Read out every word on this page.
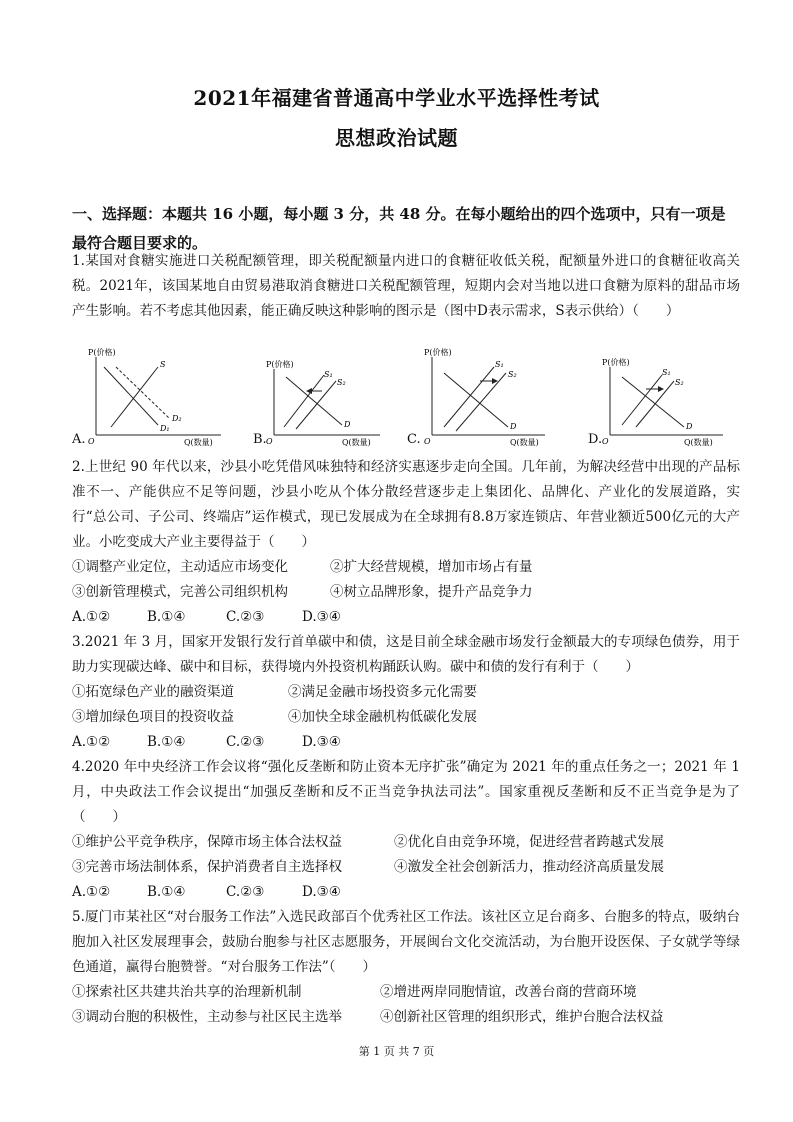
2021年福建省普通高中学业水平选择性考试
思想政治试题
一、选择题：本题共 16 小题，每小题 3 分，共 48 分。在每小题给出的四个选项中，只有一项是最符合题目要求的。
1.某国对食糖实施进口关税配额管理，即关税配额量内进口的食糖征收低关税，配额量外进口的食糖征收高关税。2021年，该国某地自由贸易港取消食糖进口关税配额管理，短期内会对当地以进口食糖为原料的甜品市场产生影响。若不考虑其他因素，能正确反映这种影响的图示是（图中D表示需求，S表示供给）（　　）
A.
P(价格)
Q(数量)
O
S
D₁
D₂
B.
P(价格)
Q(数量)
O
S₁
S₂
D
C.
P(价格)
Q(数量)
O
S₁
S₂
D
D.
P(价格)
Q(数量)
O
S₁
S₂
D
2.上世纪 90 年代以来，沙县小吃凭借风味独特和经济实惠逐步走向全国。几年前，为解决经营中出现的产品标准不一、产能供应不足等问题，沙县小吃从个体分散经营逐步走上集团化、品牌化、产业化的发展道路，实行“总公司、子公司、终端店”运作模式，现已发展成为在全球拥有8.8万家连锁店、年营业额近500亿元的大产业。小吃变成大产业主要得益于（　　）
①调整产业定位，主动适应市场变化	②扩大经营规模，增加市场占有量
③创新管理模式，完善公司组织机构	④树立品牌形象，提升产品竞争力
A.①②	B.①④	C.②③	D.③④
3.2021 年 3 月，国家开发银行发行首单碳中和债，这是目前全球金融市场发行金额最大的专项绿色债券，用于助力实现碳达峰、碳中和目标，获得境内外投资机构踊跃认购。碳中和债的发行有利于（　　）
①拓宽绿色产业的融资渠道	②满足金融市场投资多元化需要
③增加绿色项目的投资收益	④加快全球金融机构低碳化发展
A.①②	B.①④	C.②③	D.③④
4.2020 年中央经济工作会议将“强化反垄断和防止资本无序扩张”确定为 2021 年的重点任务之一；2021 年 1 月，中央政法工作会议提出“加强反垄断和反不正当竞争执法司法”。国家重视反垄断和反不正当竞争是为了（　　）
①维护公平竞争秩序，保障市场主体合法权益	②优化自由竞争环境，促进经营者跨越式发展
③完善市场法制体系，保护消费者自主选择权	④激发全社会创新活力，推动经济高质量发展
A.①②	B.①④	C.②③	D.③④
5.厦门市某社区“对台服务工作法”入选民政部百个优秀社区工作法。该社区立足台商多、台胞多的特点，吸纳台胞加入社区发展理事会，鼓励台胞参与社区志愿服务，开展闽台文化交流活动，为台胞开设医保、子女就学等绿色通道，赢得台胞赞誉。“对台服务工作法”（　　）
①探索社区共建共治共享的治理新机制	②增进两岸同胞情谊，改善台商的营商环境
③调动台胞的积极性，主动参与社区民主选举	④创新社区管理的组织形式，维护台胞合法权益
第 1 页 共 7 页
